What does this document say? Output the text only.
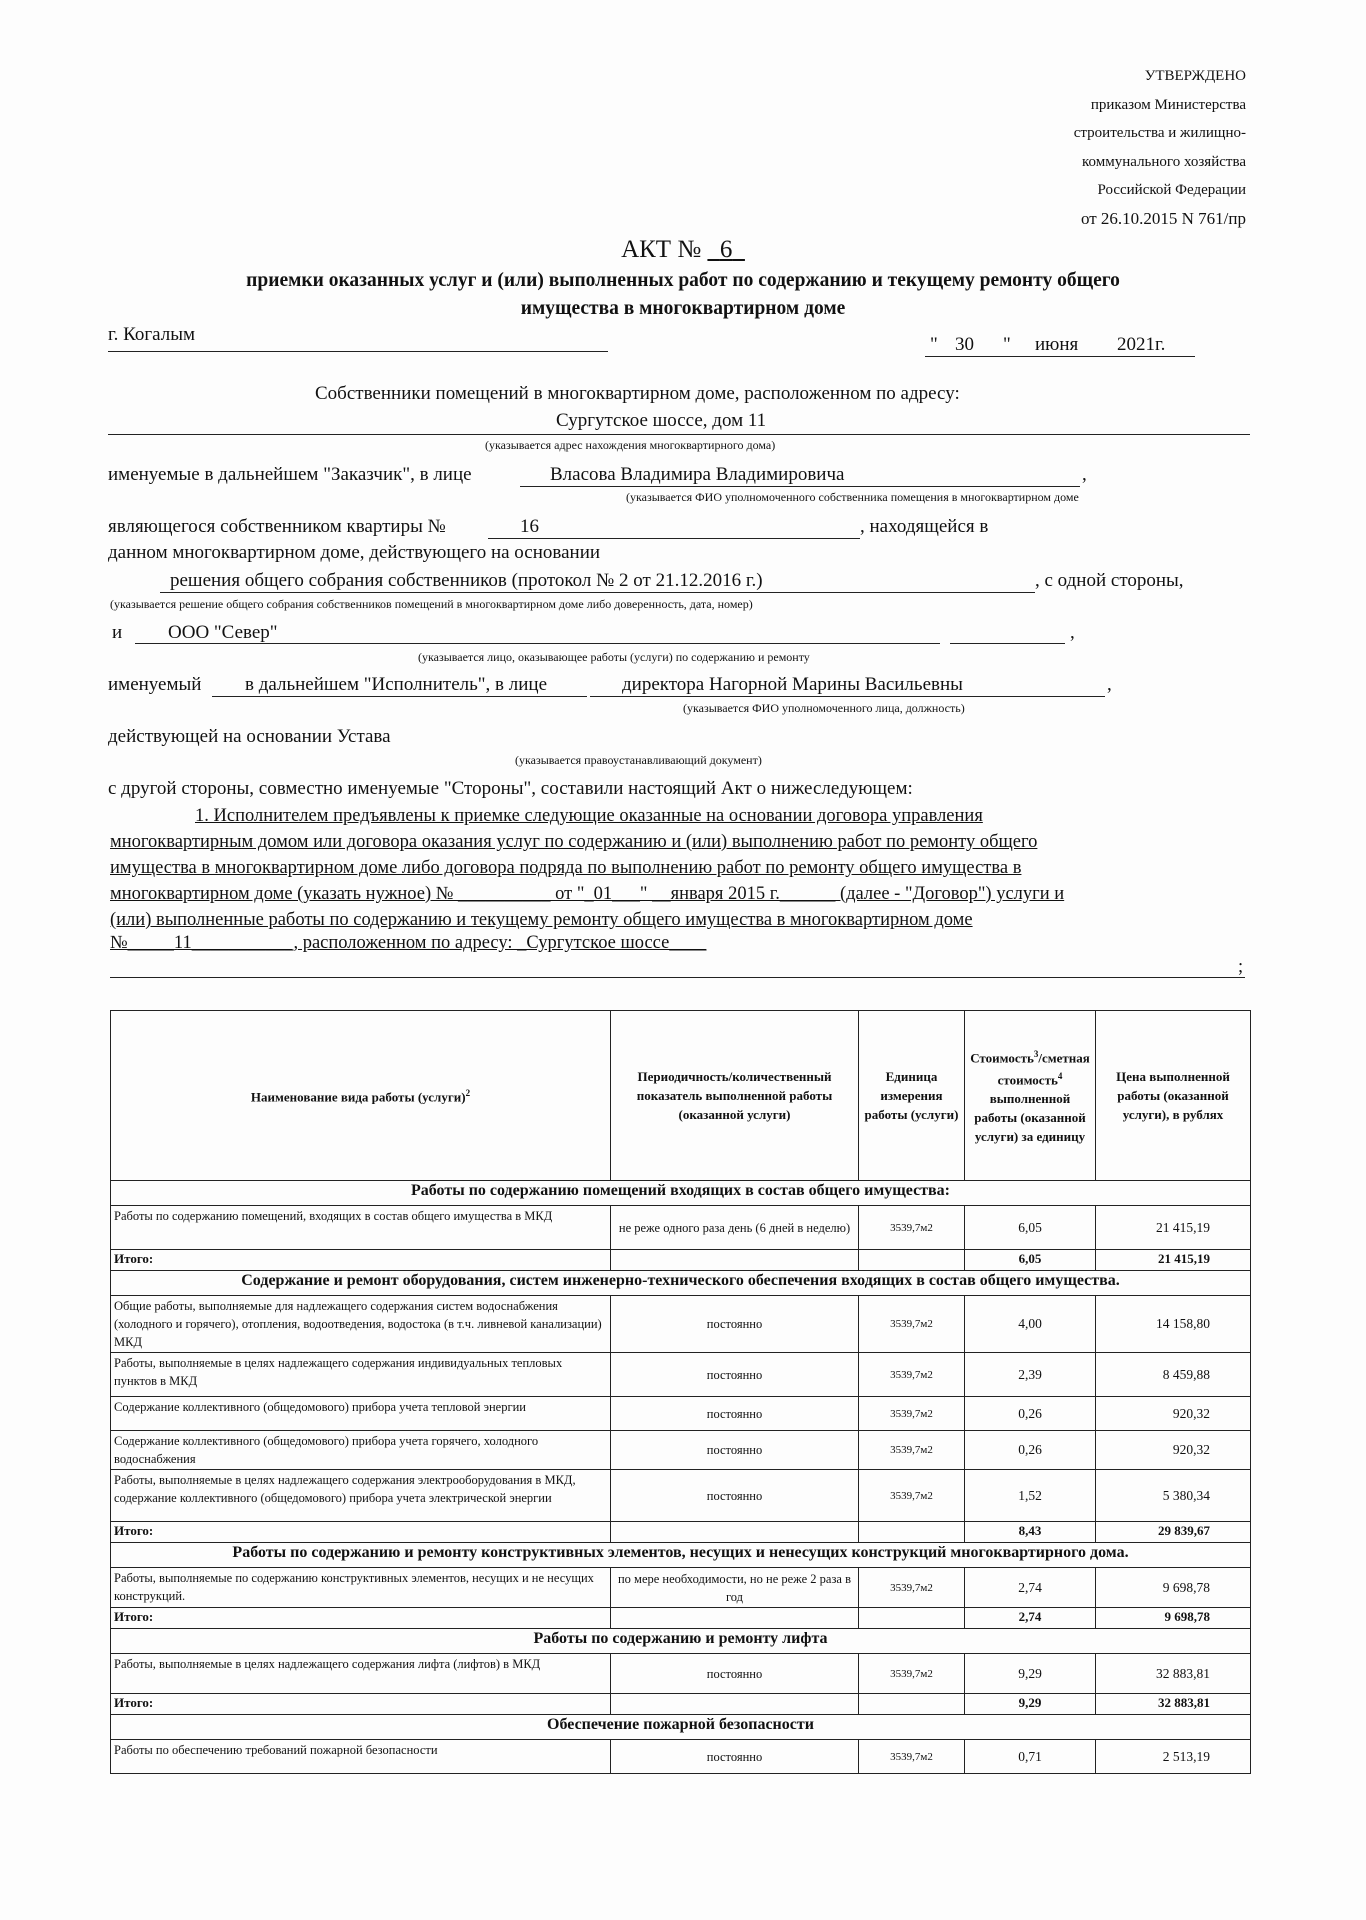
УТВЕРЖДЕНО
приказом Министерства
строительства и жилищно-
коммунального хозяйства
Российской Федерации
от 26.10.2015 N 761/пр
АКТ № 6
приемки оказанных услуг и (или) выполненных работ по содержанию и текущему ремонту общего
имущества в многоквартирном доме
г. Когалым	" 30 " июня 2021г.
Собственники помещений в многоквартирном доме, расположенном по адресу:
Сургутское шоссе, дом 11
(указывается адрес нахождения многоквартирного дома)
именуемые в дальнейшем "Заказчик", в лице	Власова Владимира Владимировича	,
(указывается ФИО уполномоченного собственника помещения в многоквартирном доме
являющегося собственником квартиры №	16	, находящейся в
данном многоквартирном доме, действующего на основании
решения общего собрания собственников (протокол № 2 от 21.12.2016 г.)	, с одной стороны,
(указывается решение общего собрания собственников помещений в многоквартирном доме либо доверенность, дата, номер)
и ООО "Север"	,
(указывается лицо, оказывающее работы (услуги) по содержанию и ремонту
именуемый в дальнейшем "Исполнитель", в лице	директора Нагорной Марины Васильевны	,
(указывается ФИО уполномоченного лица, должность)
действующей на основании Устава
(указывается правоустанавливающий документ)
с другой стороны, совместно именуемые "Стороны", составили настоящий Акт о нижеследующем:
1. Исполнителем предъявлены к приемке следующие оказанные на основании договора управления
многоквартирным домом или договора оказания услуг по содержанию и (или) выполнению работ по ремонту общего
имущества в многоквартирном доме либо договора подряда по выполнению работ по ремонту общего имущества в
многоквартирном доме (указать нужное) № __________ от "_01___" __января 2015 г.______ (далее - "Договор") услуги и
(или) выполненные работы по содержанию и текущему ремонту общего имущества в многоквартирном доме
№_____11___________, расположенном по адресу: _Сургутское шоссе____
;
Наименование вида работы (услуги)$^2$	Периодичность/количественный показатель выполненной работы (оказанной услуги)	Единица измерения работы (услуги)	Стоимость$^3$/сметная стоимость$^4$ выполненной работы (оказанной услуги) за единицу	Цена выполненной работы (оказанной услуги), в рублях
Работы по содержанию помещений входящих в состав общего имущества:				
Работы по содержанию помещений, входящих в состав общего имущества в МКД	не реже одного раза день (6 дней в неделю)	3539,7м2	6,05	21 415,19
Итого:			6,05	21 415,19
Содержание и ремонт оборудования, систем инженерно-технического обеспечения входящих в состав общего имущества.				
Общие работы, выполняемые для надлежащего содержания систем водоснабжения (холодного и горячего), отопления, водоотведения, водостока (в т.ч. ливневой канализации) МКД	постоянно	3539,7м2	4,00	14 158,80
Работы, выполняемые в целях надлежащего содержания индивидуальных тепловых пунктов в МКД	постоянно	3539,7м2	2,39	8 459,88
Содержание коллективного (общедомового) прибора учета тепловой энергии	постоянно	3539,7м2	0,26	920,32
Содержание коллективного (общедомового) прибора учета горячего, холодного водоснабжения	постоянно	3539,7м2	0,26	920,32
Работы, выполняемые в целях надлежащего содержания электрооборудования в МКД, содержание коллективного (общедомового) прибора учета электрической энергии	постоянно	3539,7м2	1,52	5 380,34
Итого:			8,43	29 839,67
Работы по содержанию и ремонту конструктивных элементов, несущих и ненесущих конструкций многоквартирного дома.				
Работы, выполняемые по содержанию конструктивных элементов, несущих и не несущих конструкций.	по мере необходимости, но не реже 2 раза в год	3539,7м2	2,74	9 698,78
Итого:			2,74	9 698,78
Работы по содержанию и ремонту лифта				
Работы, выполняемые в целях надлежащего содержания лифта (лифтов) в МКД	постоянно	3539,7м2	9,29	32 883,81
Итого:			9,29	32 883,81
Обеспечение пожарной безопасности				
Работы по обеспечению требований пожарной безопасности	постоянно	3539,7м2	0,71	2 513,19
